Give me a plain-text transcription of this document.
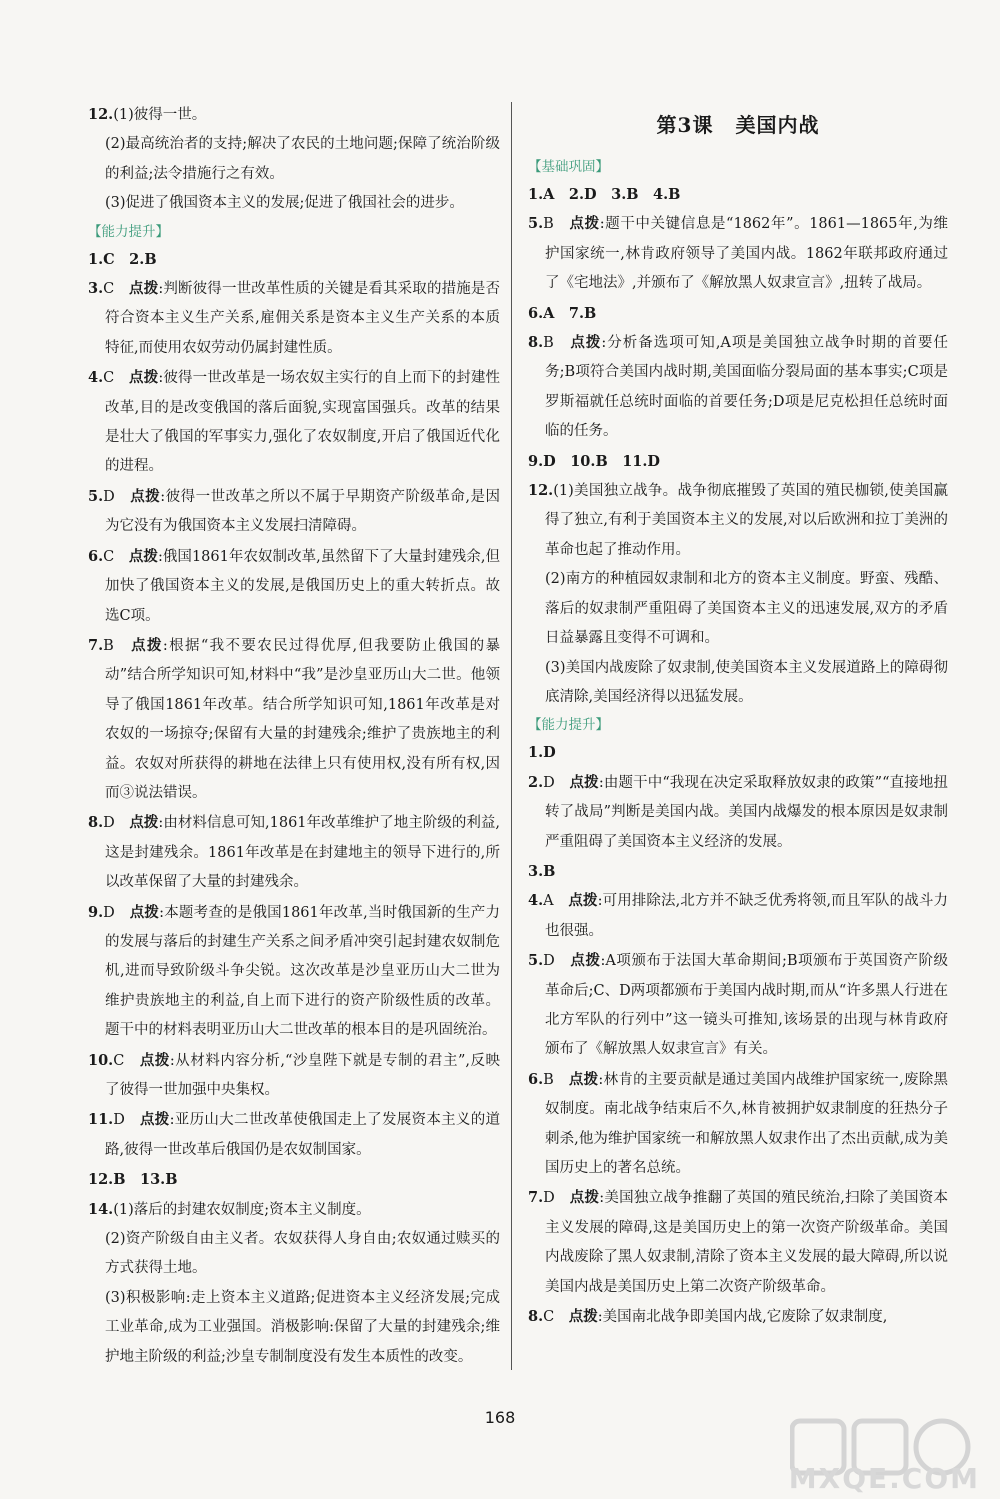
12.(1)彼得一世。
(2)最高统治者的支持;解决了农民的土地问题;保障了统治阶级的利益;法令措施行之有效。
(3)促进了俄国资本主义的发展;促进了俄国社会的进步。
【能力提升】
1.C　2.B
3.C　 点拨:判断彼得一世改革性质的关键是看其采取的措施是否符合资本主义生产关系,雇佣关系是资本主义生产关系的本质特征,而使用农奴劳动仍属封建性质。
4.C　 点拨:彼得一世改革是一场农奴主实行的自上而下的封建性改革,目的是改变俄国的落后面貌,实现富国强兵。改革的结果是壮大了俄国的军事实力,强化了农奴制度,开启了俄国近代化的进程。
5.D　 点拨:彼得一世改革之所以不属于早期资产阶级革命,是因为它没有为俄国资本主义发展扫清障碍。
6.C　 点拨:俄国1861年农奴制改革,虽然留下了大量封建残余,但加快了俄国资本主义的发展,是俄国历史上的重大转折点。故选C项。
7.B　 点拨:根据“我不要农民过得优厚,但我要防止俄国的暴动”结合所学知识可知,材料中“我”是沙皇亚历山大二世。他领导了俄国1861年改革。结合所学知识可知,1861年改革是对农奴的一场掠夺;保留有大量的封建残余;维护了贵族地主的利益。农奴对所获得的耕地在法律上只有使用权,没有所有权,因而③说法错误。
8.D　 点拨:由材料信息可知,1861年改革维护了地主阶级的利益,这是封建残余。1861年改革是在封建地主的领导下进行的,所以改革保留了大量的封建残余。
9.D　 点拨:本题考查的是俄国1861年改革,当时俄国新的生产力的发展与落后的封建生产关系之间矛盾冲突引起封建农奴制危机,进而导致阶级斗争尖锐。这次改革是沙皇亚历山大二世为维护贵族地主的利益,自上而下进行的资产阶级性质的改革。题干中的材料表明亚历山大二世改革的根本目的是巩固统治。
10.C　 点拨:从材料内容分析,“沙皇陛下就是专制的君主”,反映了彼得一世加强中央集权。
11.D　 点拨:亚历山大二世改革使俄国走上了发展资本主义的道路,彼得一世改革后俄国仍是农奴制国家。
12.B　13.B
14.(1)落后的封建农奴制度;资本主义制度。
(2)资产阶级自由主义者。农奴获得人身自由;农奴通过赎买的方式获得土地。
(3)积极影响:走上资本主义道路;促进资本主义经济发展;完成工业革命,成为工业强国。消极影响:保留了大量的封建残余;维护地主阶级的利益;沙皇专制制度没有发生本质性的改变。
第3课 美国内战
【基础巩固】
1.A　2.D　3.B　4.B
5.B　 点拨:题干中关键信息是“1862年”。1861—1865年,为维护国家统一,林肯政府领导了美国内战。1862年联邦政府通过了《宅地法》,并颁布了《解放黑人奴隶宣言》,扭转了战局。
6.A　7.B
8.B　 点拨:分析备选项可知,A项是美国独立战争时期的首要任务;B项符合美国内战时期,美国面临分裂局面的基本事实;C项是罗斯福就任总统时面临的首要任务;D项是尼克松担任总统时面临的任务。
9.D　10.B　11.D
12.(1)美国独立战争。战争彻底摧毁了英国的殖民枷锁,使美国赢得了独立,有利于美国资本主义的发展,对以后欧洲和拉丁美洲的革命也起了推动作用。
(2)南方的种植园奴隶制和北方的资本主义制度。野蛮、残酷、落后的奴隶制严重阻碍了美国资本主义的迅速发展,双方的矛盾日益暴露且变得不可调和。
(3)美国内战废除了奴隶制,使美国资本主义发展道路上的障碍彻底清除,美国经济得以迅猛发展。
【能力提升】
1.D
2.D　 点拨:由题干中“我现在决定采取释放奴隶的政策”“直接地扭转了战局”判断是美国内战。美国内战爆发的根本原因是奴隶制严重阻碍了美国资本主义经济的发展。
3.B
4.A　 点拨:可用排除法,北方并不缺乏优秀将领,而且军队的战斗力也很强。
5.D　 点拨:A项颁布于法国大革命期间;B项颁布于英国资产阶级革命后;C、D两项都颁布于美国内战时期,而从“许多黑人行进在北方军队的行列中”这一镜头可推知,该场景的出现与林肯政府颁布了《解放黑人奴隶宣言》有关。
6.B　 点拨:林肯的主要贡献是通过美国内战维护国家统一,废除黑奴制度。南北战争结束后不久,林肯被拥护奴隶制度的狂热分子刺杀,他为维护国家统一和解放黑人奴隶作出了杰出贡献,成为美国历史上的著名总统。
7.D　 点拨:美国独立战争推翻了英国的殖民统治,扫除了美国资本主义发展的障碍,这是美国历史上的第一次资产阶级革命。美国内战废除了黑人奴隶制,清除了资本主义发展的最大障碍,所以说美国内战是美国历史上第二次资产阶级革命。
8.C　 点拨:美国南北战争即美国内战,它废除了奴隶制度,
168
MXQE.COM
